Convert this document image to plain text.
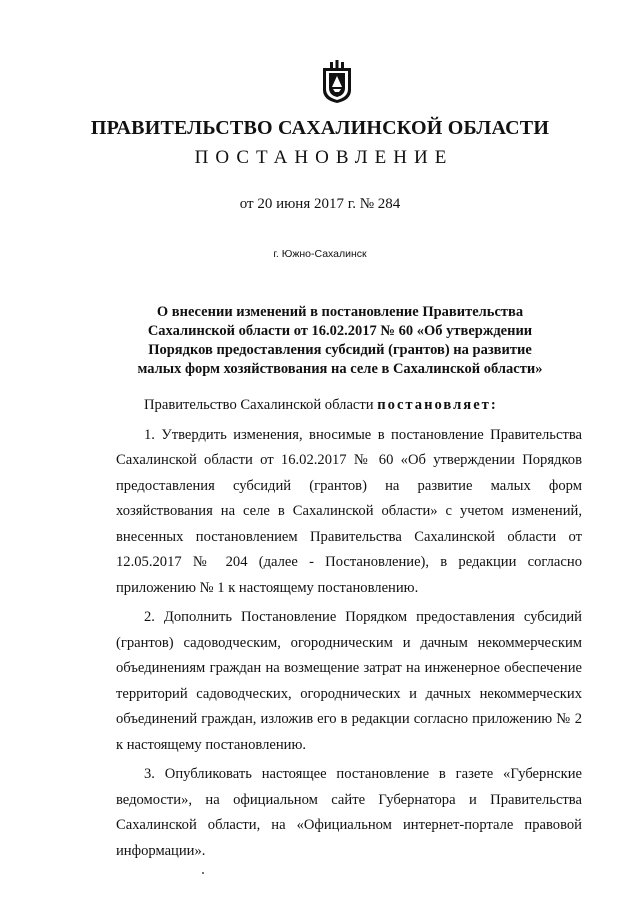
ПРАВИТЕЛЬСТВО САХАЛИНСКОЙ ОБЛАСТИ
ПОСТАНОВЛЕНИЕ
от 20 июня 2017 г. № 284
г. Южно-Сахалинск
О внесении изменений в постановление Правительства
Сахалинской области от 16.02.2017 № 60 «Об утверждении
Порядков предоставления субсидий (грантов) на развитие
малых форм хозяйствования на селе в Сахалинской области»

Правительство Сахалинской области постановляет:

1. Утвердить изменения, вносимые в постановление Правительства Сахалинской области от 16.02.2017 № 60 «Об утверждении Порядков предоставления субсидий (грантов) на развитие малых форм хозяйствования на селе в Сахалинской области» с учетом изменений, внесенных постановлением Правительства Сахалинской области от 12.05.2017 № 204 (далее - Постановление), в редакции согласно приложению № 1 к настоящему постановлению.

2. Дополнить Постановление Порядком предоставления субсидий (грантов) садоводческим, огородническим и дачным некоммерческим объединениям граждан на возмещение затрат на инженерное обеспечение территорий садоводческих, огороднических и дачных некоммерческих объединений граждан, изложив его в редакции согласно приложению № 2 к настоящему постановлению.

3. Опубликовать настоящее постановление в газете «Губернские ведомости», на официальном сайте Губернатора и Правительства Сахалинской области, на «Официальном интернет-портале правовой информации».
